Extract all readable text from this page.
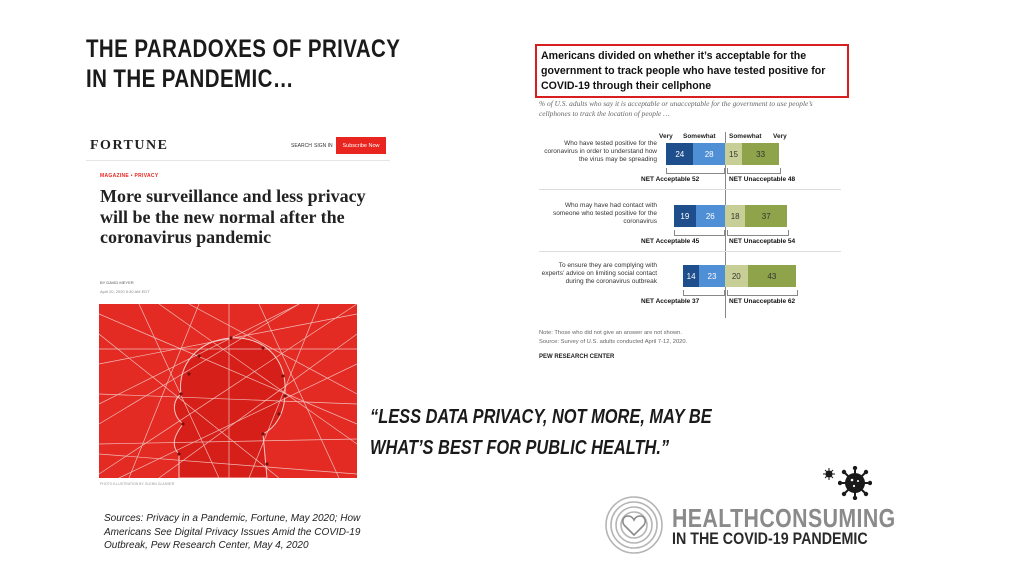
THE PARADOXES OF PRIVACY
IN THE PANDEMIC…
FORTUNE	SEARCH SIGN IN	Subscribe Now
MAGAZINE • PRIVACY
More surveillance and less privacy will be the new normal after the coronavirus pandemic
BY DAVID MEYER
April 20, 2020 5:30 AM EDT
PHOTO ILLUSTRATION BY GLENN GLASSER
Americans divided on whether it’s acceptable for the government to track people who have tested positive for COVID-19 through their cellphone
% of U.S. adults who say it is acceptable or unacceptable for the government to use people’s cellphones to track the location of people …
Very Somewhat Somewhat Very
Who have tested positive for the coronavirus in order to understand how the virus may be spreading
24	28	15	33
NET Acceptable 52	NET Unacceptable 48
Who may have had contact with someone who tested positive for the coronavirus
19	26	18	37
NET Acceptable 45	NET Unacceptable 54
To ensure they are complying with experts’ advice on limiting social contact during the coronavirus outbreak
14	23	20	43
NET Acceptable 37	NET Unacceptable 62
Note: Those who did not give an answer are not shown.
Source: Survey of U.S. adults conducted April 7-12, 2020.
PEW RESEARCH CENTER
“LESS DATA PRIVACY, NOT MORE, MAY BE
WHAT’S BEST FOR PUBLIC HEALTH.”
Sources: Privacy in a Pandemic, Fortune, May 2020; How Americans See Digital Privacy Issues Amid the COVID-19 Outbreak, Pew Research Center, May 4, 2020
HEALTHCONSUMING
IN THE COVID-19 PANDEMIC
